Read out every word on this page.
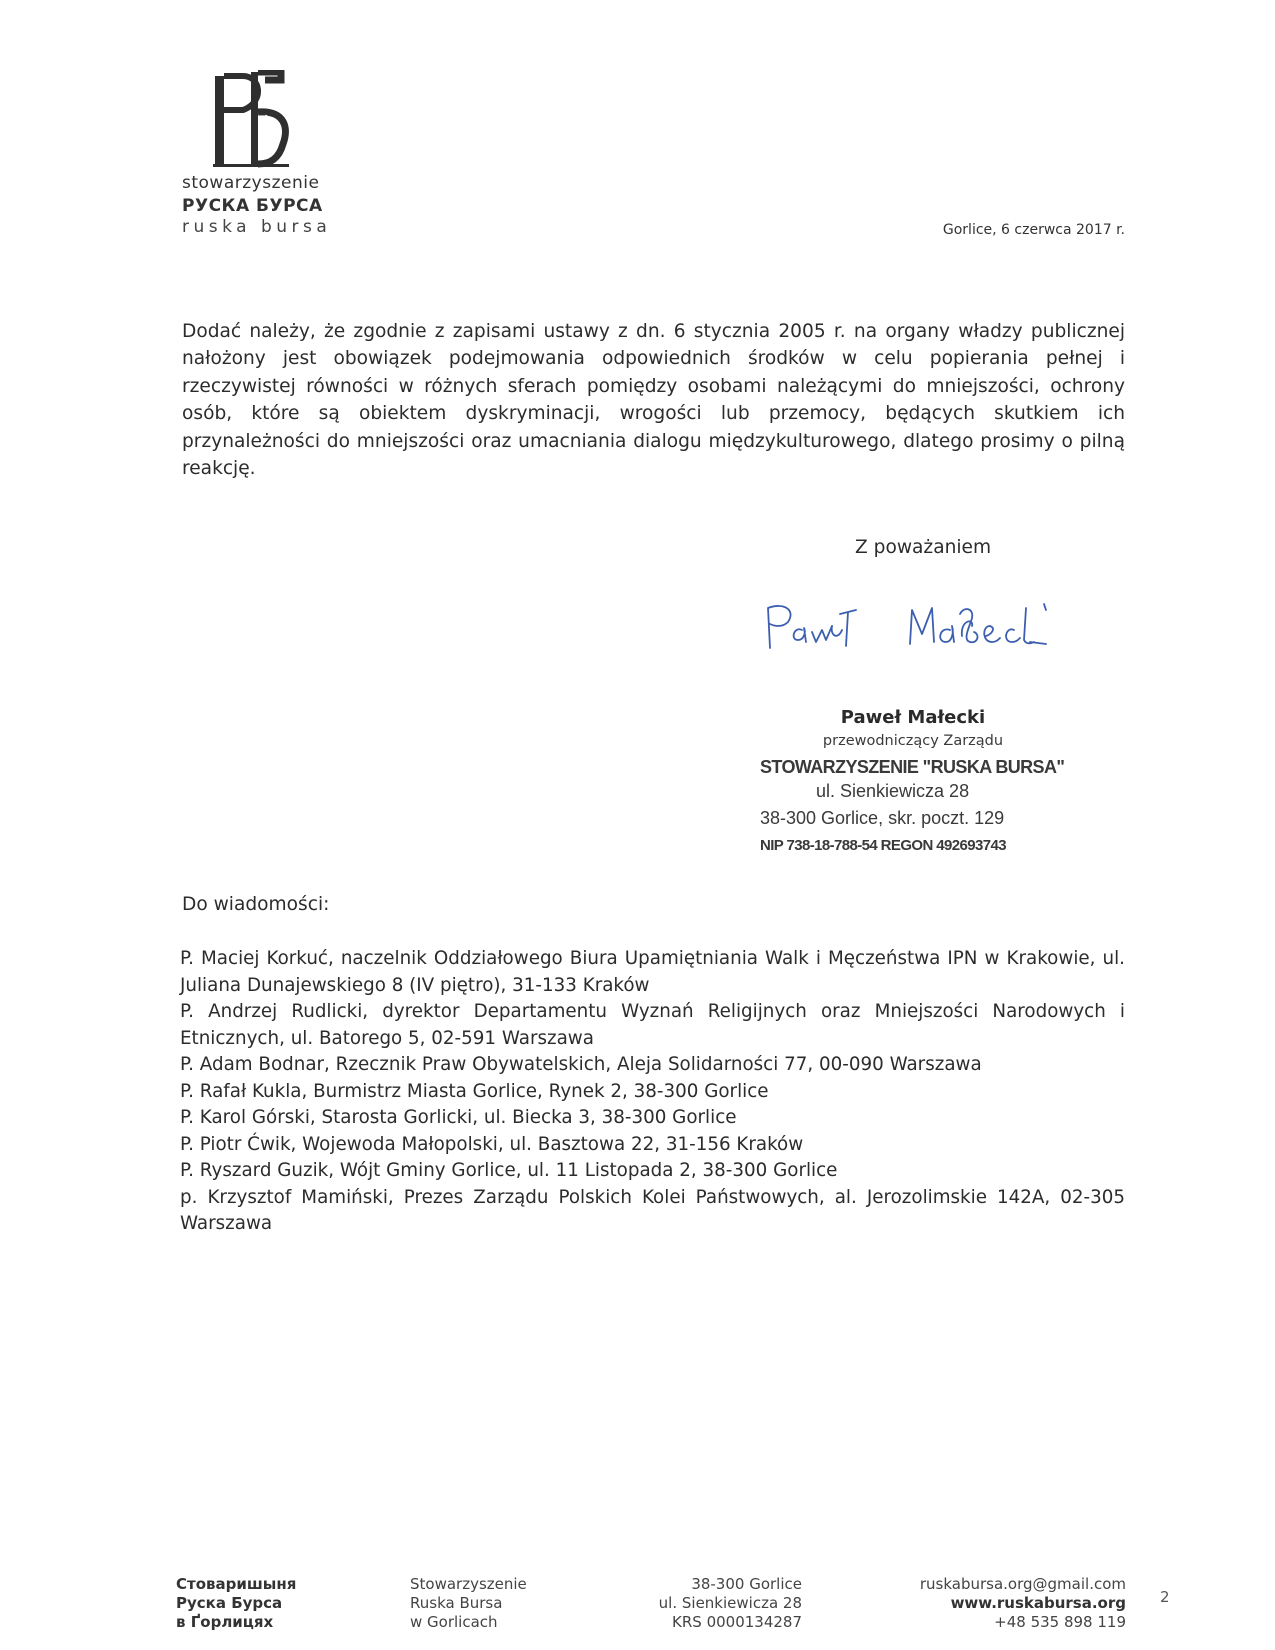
stowarzyszenie
РУСКА БУРСА
ruska bursa	Gorlice, 6 czerwca 2017 r.
Dodać należy, że zgodnie z zapisami ustawy z dn. 6 stycznia 2005 r. na organy władzy publicznej nałożony jest obowiązek podejmowania odpowiednich środków w celu popierania pełnej i rzeczywistej równości w różnych sferach pomiędzy osobami należącymi do mniejszości, ochrony osób, które są obiektem dyskryminacji, wrogości lub przemocy, będących skutkiem ich przynależności do mniejszości oraz umacniania dialogu międzykulturowego, dlatego prosimy o pilną reakcję.
Z poważaniem
Paweł Małecki
przewodniczący Zarządu
STOWARZYSZENIE "RUSKA BURSA"
ul. Sienkiewicza 28
38-300 Gorlice, skr. poczt. 129
NIP 738-18-788-54 REGON 492693743
Do wiadomości:
P. Maciej Korkuć, naczelnik Oddziałowego Biura Upamiętniania Walk i Męczeństwa IPN w Krakowie, ul. Juliana Dunajewskiego 8 (IV piętro), 31-133 Kraków
P. Andrzej Rudlicki, dyrektor Departamentu Wyznań Religijnych oraz Mniejszości Narodowych i Etnicznych, ul. Batorego 5, 02-591 Warszawa
P. Adam Bodnar, Rzecznik Praw Obywatelskich, Aleja Solidarności 77, 00-090 Warszawa
P. Rafał Kukla, Burmistrz Miasta Gorlice, Rynek 2, 38-300 Gorlice
P. Karol Górski, Starosta Gorlicki, ul. Biecka 3, 38-300 Gorlice
P. Piotr Ćwik, Wojewoda Małopolski, ul. Basztowa 22, 31-156 Kraków
P. Ryszard Guzik, Wójt Gminy Gorlice, ul. 11 Listopada 2, 38-300 Gorlice
p. Krzysztof Mamiński, Prezes Zarządu Polskich Kolei Państwowych, al. Jerozolimskie 142A, 02-305 Warszawa
Стоваришыня
Руска Бурса
в Ґорлицях
Stowarzyszenie
Ruska Bursa
w Gorlicach
38-300 Gorlice
ul. Sienkiewicza 28
KRS 0000134287
ruskabursa.org@gmail.com
www.ruskabursa.org
+48 535 898 119
2
